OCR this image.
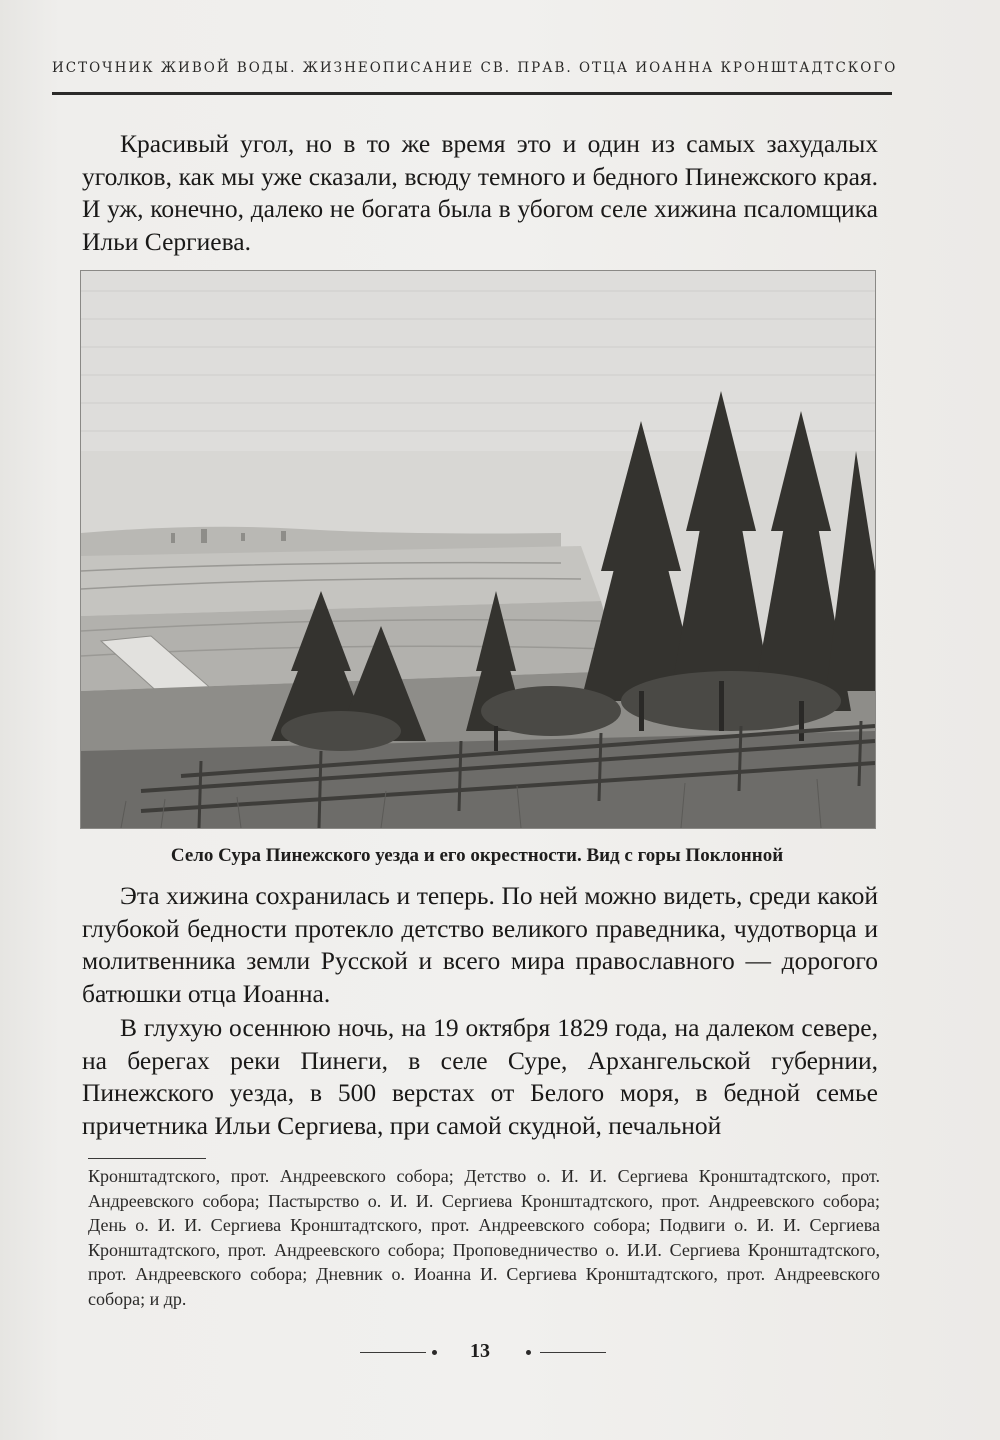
ИСТОЧНИК ЖИВОЙ ВОДЫ. ЖИЗНЕОПИСАНИЕ СВ. ПРАВ. ОТЦА ИОАННА КРОНШТАДТСКОГО

Красивый угол, но в то же время это и один из самых захудалых уголков, как мы уже сказали, всюду темного и бедного Пинежского края. И уж, конечно, далеко не богата была в убогом селе хижина псаломщика Ильи Сергиева.

Село Сура Пинежского уезда и его окрестности. Вид с горы Поклонной

Эта хижина сохранилась и теперь. По ней можно видеть, среди какой глубокой бедности протекло детство великого праведника, чудотворца и молитвенника земли Русской и всего мира православного — дорогого батюшки отца Иоанна.

В глухую осеннюю ночь, на 19 октября 1829 года, на далеком севере, на берегах реки Пинеги, в селе Суре, Архангельской губернии, Пинежского уезда, в 500 верстах от Белого моря, в бедной семье причетника Ильи Сергиева, при самой скудной, печальной

Кронштадтского, прот. Андреевского собора; Детство о. И. И. Сергиева Кронштадтского, прот. Андреевского собора; Пастырство о. И. И. Сергиева Кронштадтского, прот. Андреевского собора; День о. И. И. Сергиева Кронштадтского, прот. Андреевского собора; Подвиги о. И. И. Сергиева Кронштадтского, прот. Андреевского собора; Проповедничество о. И.И. Сергиева Кронштадтского, прот. Андреевского собора; Дневник о. Иоанна И. Сергиева Кронштадтского, прот. Андреевского собора; и др.

13
